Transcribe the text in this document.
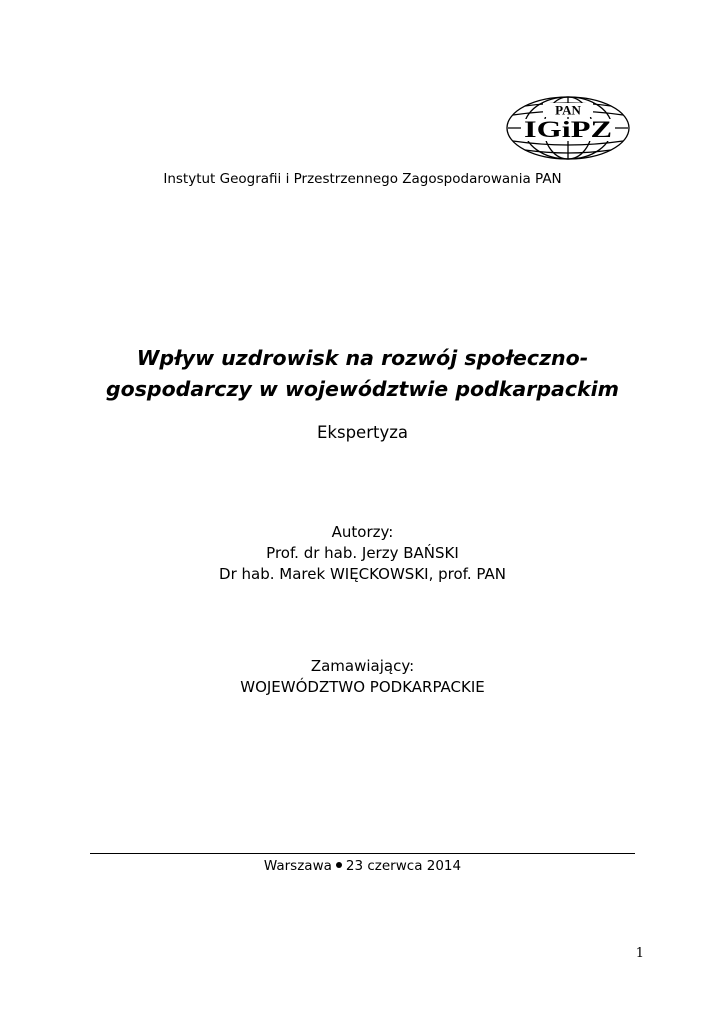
PAN
IGiPZ
Instytut Geografii i Przestrzennego Zagospodarowania PAN
Wpływ uzdrowisk na rozwój społeczno-
gospodarczy w województwie podkarpackim
Ekspertyza
Autorzy:
Prof. dr hab. Jerzy BAŃSKI
Dr hab. Marek WIĘCKOWSKI, prof. PAN
Zamawiający:
WOJEWÓDZTWO PODKARPACKIE
Warszawa 23 czerwca 2014
1
